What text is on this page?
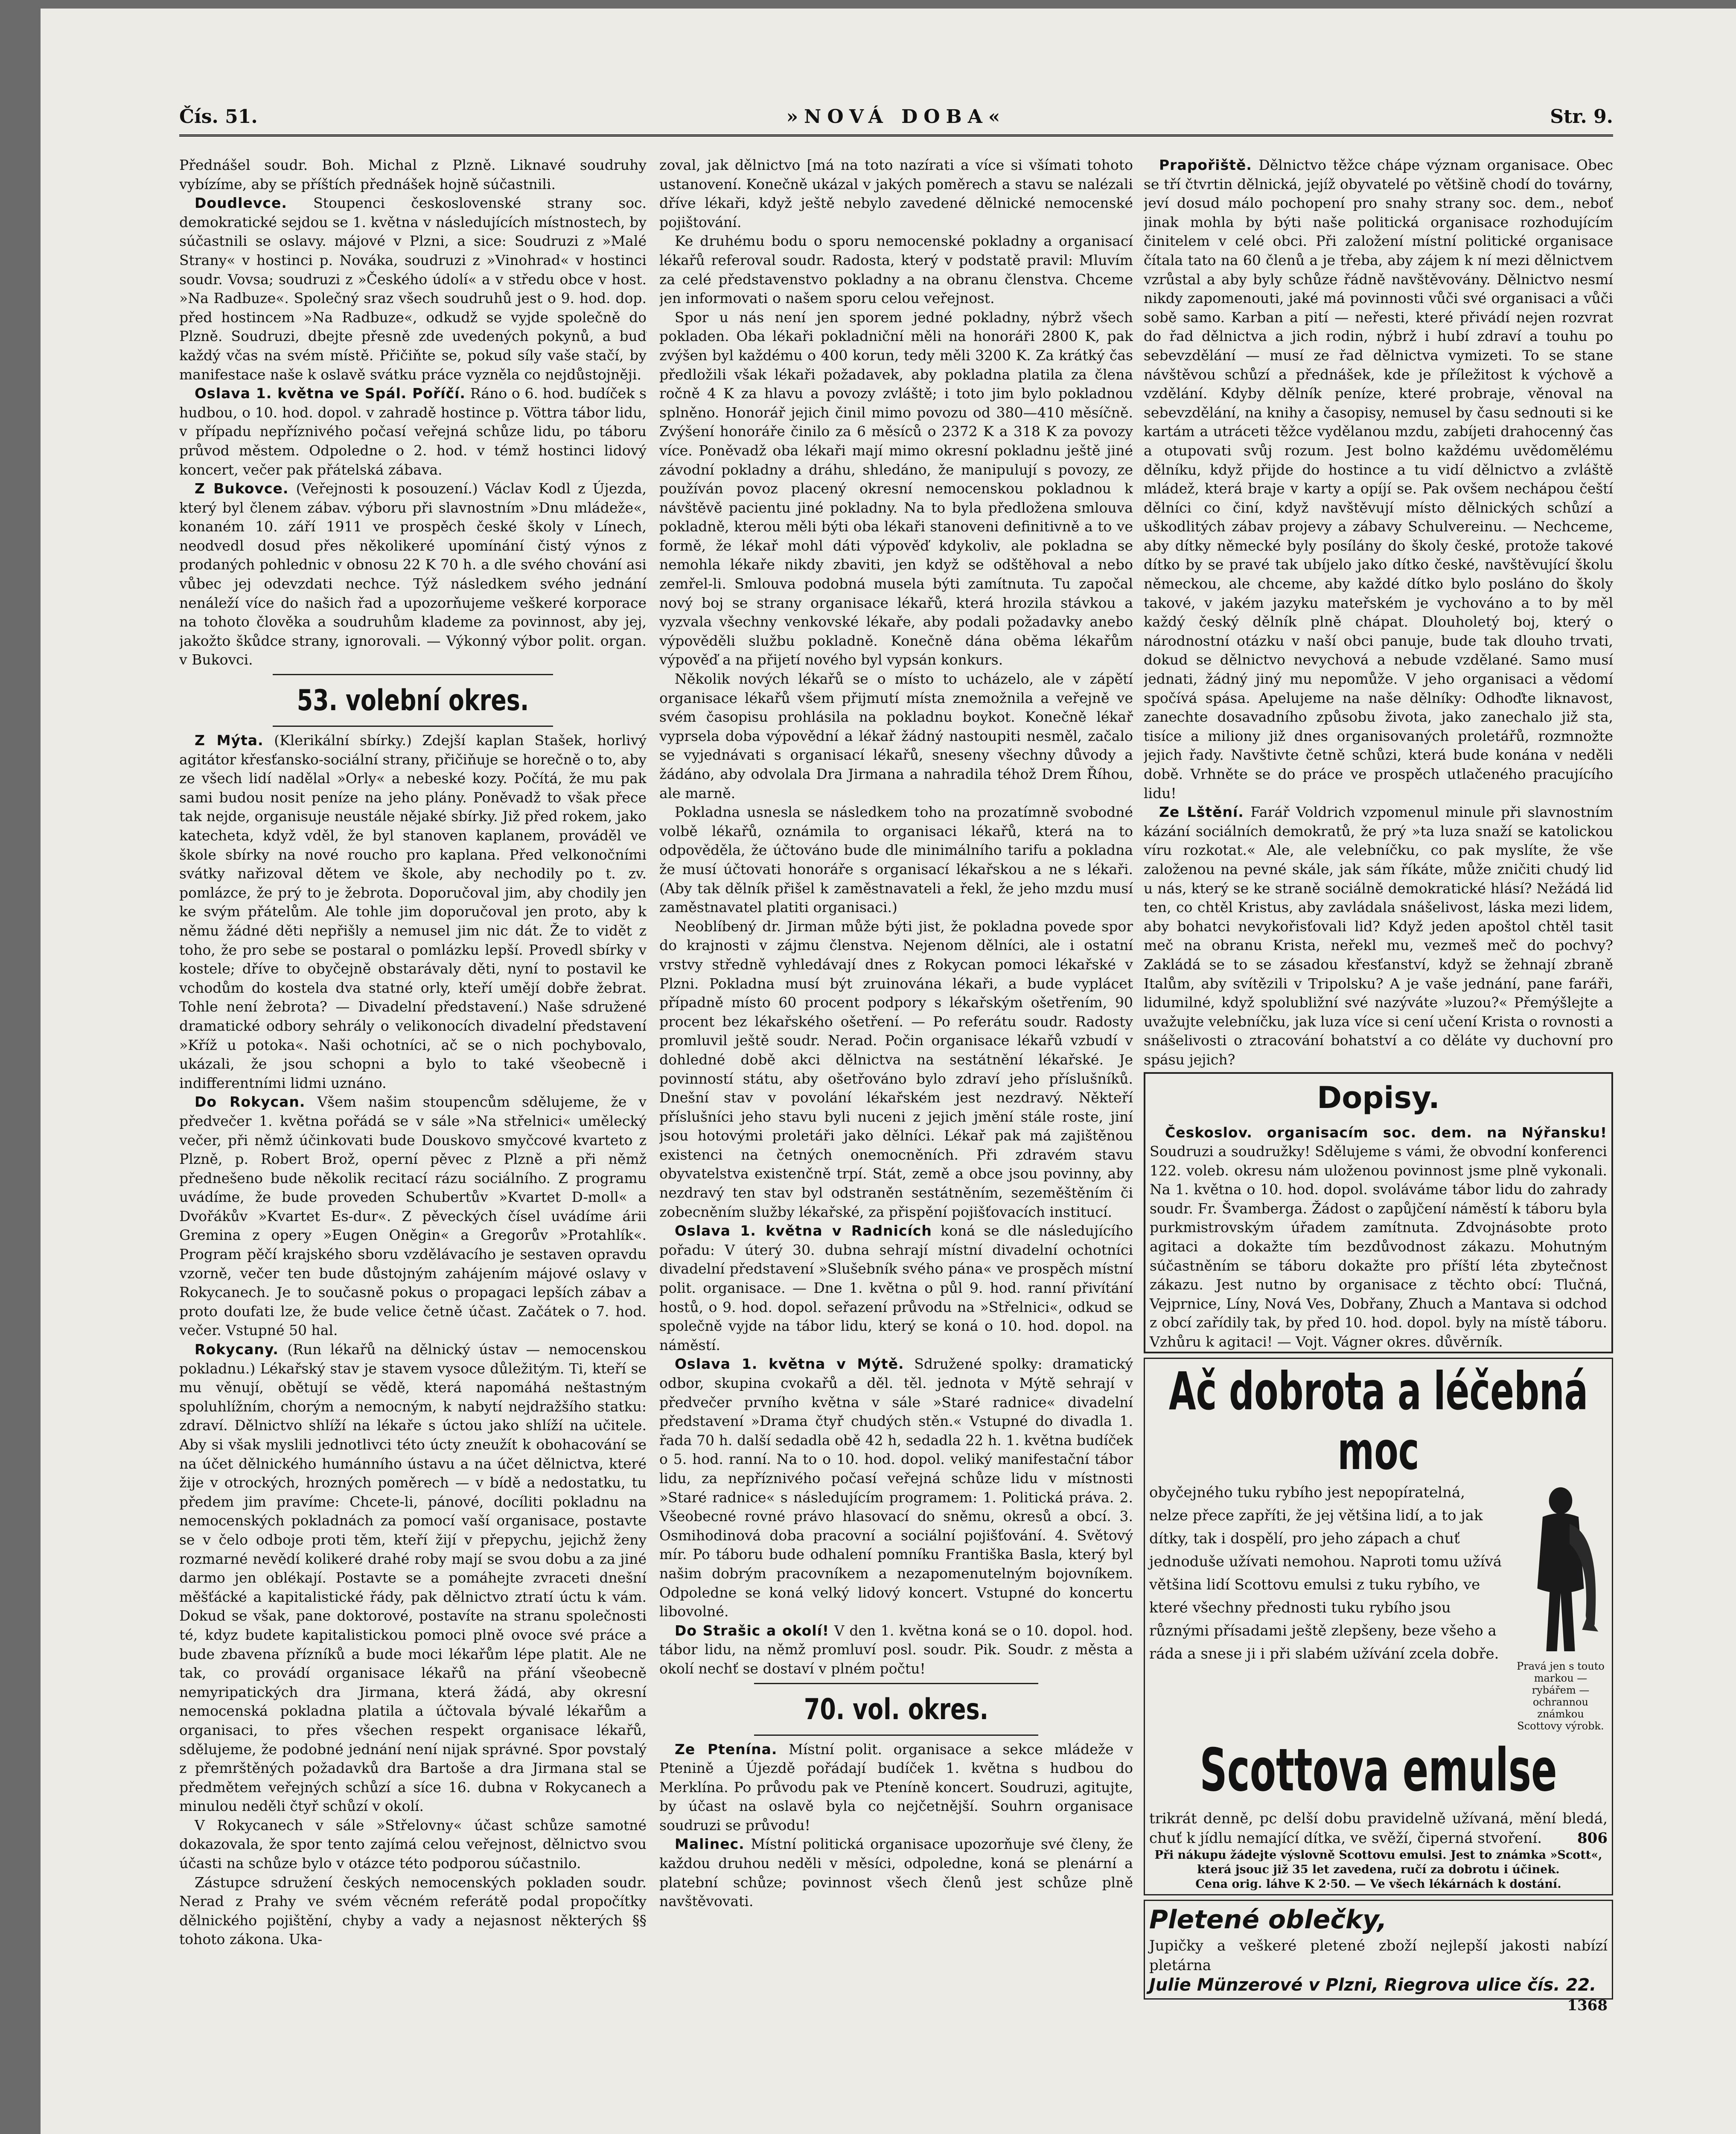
Čís. 51.	»NOVÁ DOBA«	Str. 9.

Přednášel soudr. Boh. Michal z Plzně. Liknavé soudruhy vybízíme, aby se příštích přednášek hojně súčastnili.

Doudlevce. Stoupenci československé strany soc. demokratické sejdou se 1. května v následujících místnostech, by súčastnili se oslavy. májové v Plzni, a sice: Soudruzi z »Malé Strany« v hostinci p. Nováka, soudruzi z »Vinohrad« v hostinci soudr. Vovsa; soudruzi z »Českého údolí« a v středu obce v host. »Na Radbuze«. Společný sraz všech soudruhů jest o 9. hod. dop. před hostincem »Na Radbuze«, odkudž se vyjde společně do Plzně. Soudruzi, dbejte přesně zde uvedených pokynů, a buď každý včas na svém místě. Přičiňte se, pokud síly vaše stačí, by manifestace naše k oslavě svátku práce vyzněla co nejdůstojněji.

Oslava 1. května ve Spál. Poříčí. Ráno o 6. hod. budíček s hudbou, o 10. hod. dopol. v zahradě hostince p. Vöttra tábor lidu, v případu nepříznivého počasí veřejná schůze lidu, po táboru průvod městem. Odpoledne o 2. hod. v témž hostinci lidový koncert, večer pak přátelská zábava.

Z Bukovce. (Veřejnosti k posouzení.) Václav Kodl z Újezda, který byl členem zábav. výboru při slavnostním »Dnu mládeže«, konaném 10. září 1911 ve prospěch české školy v Línech, neodvedl dosud přes několikeré upomínání čistý výnos z prodaných pohlednic v obnosu 22 K 70 h. a dle svého chování asi vůbec jej odevzdati nechce. Týž následkem svého jednání nenáleží více do našich řad a upozorňujeme veškeré korporace na tohoto člověka a soudruhům klademe za povinnost, aby jej, jakožto škůdce strany, ignorovali. — Výkonný výbor polit. organ. v Bukovci.

53. volební okres.

Z Mýta. (Klerikální sbírky.) Zdejší kaplan Stašek, horlivý agitátor křesťansko-sociální strany, přičiňuje se horečně o to, aby ze všech lidí nadělal »Orly« a nebeské kozy. Počítá, že mu pak sami budou nosit peníze na jeho plány. Poněvadž to však přece tak nejde, organisuje neustále nějaké sbírky. Již před rokem, jako katecheta, když vděl, že byl stanoven kaplanem, prováděl ve škole sbírky na nové roucho pro kaplana. Před velkonočními svátky nařizoval dětem ve škole, aby nechodily po t. zv. pomlázce, že prý to je žebrota. Doporučoval jim, aby chodily jen ke svým přátelům. Ale tohle jim doporučoval jen proto, aby k němu žádné děti nepřišly a nemusel jim nic dát. Že to vidět z toho, že pro sebe se postaral o pomlázku lepší. Provedl sbírky v kostele; dříve to obyčejně obstarávaly děti, nyní to postavil ke vchodům do kostela dva statné orly, kteří umějí dobře žebrat. Tohle není žebrota? — Divadelní představení.) Naše sdružené dramatické odbory sehrály o velikonocích divadelní představení »Kříž u potoka«. Naši ochotníci, ač se o nich pochybovalo, ukázali, že jsou schopni a bylo to také všeobecně i indifferentními lidmi uznáno.

Do Rokycan. Všem našim stoupencům sdělujeme, že v předvečer 1. května pořádá se v sále »Na střelnici« umělecký večer, při němž účinkovati bude Douskovo smyčcové kvarteto z Plzně, p. Robert Brož, operní pěvec z Plzně a při němž přednešeno bude několik recitací rázu sociálního. Z programu uvádíme, že bude proveden Schubertův »Kvartet D-moll« a Dvořákův »Kvartet Es-dur«. Z pěveckých čísel uvádíme árii Gremina z opery »Eugen Oněgin« a Gregorův »Protahlík«. Program pěčí krajského sboru vzdělávacího je sestaven opravdu vzorně, večer ten bude důstojným zahájením májové oslavy v Rokycanech. Je to současně pokus o propagaci lepších zábav a proto doufati lze, že bude velice četně účast. Začátek o 7. hod. večer. Vstupné 50 hal.

Rokycany. (Run lékařů na dělnický ústav — nemocenskou pokladnu.) Lékařský stav je stavem vysoce důležitým. Ti, kteří se mu věnují, obětují se vědě, která napomáhá neštastným spoluhlížním, chorým a nemocným, k nabytí nejdražšího statku: zdraví. Dělnictvo shlíží na lékaře s úctou jako shlíží na učitele. Aby si však myslili jednotlivci této úcty zneužít k obohacování se na účet dělnického humánního ústavu a na účet dělnictva, které žije v otrockých, hrozných poměrech — v bídě a nedostatku, tu předem jim pravíme: Chcete-li, pánové, docíliti pokladnu na nemocenských pokladnách za pomocí vaší organisace, postavte se v čelo odboje proti těm, kteří žijí v přepychu, jejichž ženy rozmarné nevědí kolikeré drahé roby mají se svou dobu a za jiné darmo jen oblékají. Postavte se a pomáhejte zvraceti dnešní měšťácké a kapitalistické řády, pak dělnictvo ztratí úctu k vám. Dokud se však, pane doktorové, postavíte na stranu společnosti té, kdyz budete kapitalistickou pomoci plně ovoce své práce a bude zbavena přízníků a bude moci lékařům lépe platit. Ale ne tak, co provádí organisace lékařů na přání všeobecně nemyripatických dra Jirmana, která žádá, aby okresní nemocenská pokladna platila a účtovala bývalé lékařům a organisaci, to přes všechen respekt organisace lékařů, sdělujeme, že podobné jednání není nijak správné. Spor povstalý z přemrštěných požadavků dra Bartoše a dra Jirmana stal se předmětem veřejných schůzí a síce 16. dubna v Rokycanech a minulou neděli čtyř schůzí v okolí.

V Rokycanech v sále »Střelovny« účast schůze samotné dokazovala, že spor tento zajímá celou veřejnost, dělnictvo svou účasti na schůze bylo v otázce této podporou súčastnilo.

Zástupce sdružení českých nemocenských pokladen soudr. Nerad z Prahy ve svém věcném referátě podal propočítky dělnického pojištění, chyby a vady a nejasnost některých §§ tohoto zákona. Uka-

zoval, jak dělnictvo [má na toto nazírati a více si všímati tohoto ustanovení. Konečně ukázal v jakých poměrech a stavu se nalézali dříve lékaři, když ještě nebylo zavedené dělnické nemocenské pojištování.

Ke druhému bodu o sporu nemocenské pokladny a organisací lékařů referoval soudr. Radosta, který v podstatě pravil: Mluvím za celé představenstvo pokladny a na obranu členstva. Chceme jen informovati o našem sporu celou veřejnost.

Spor u nás není jen sporem jedné pokladny, nýbrž všech pokladen. Oba lékaři pokladniční měli na honoráři 2800 K, pak zvýšen byl každému o 400 korun, tedy měli 3200 K. Za krátký čas předložili však lékaři požadavek, aby pokladna platila za člena ročně 4 K za hlavu a povozy zvláště; i toto jim bylo pokladnou splněno. Honorář jejich činil mimo povozu od 380—410 měsíčně. Zvýšení honoráře činilo za 6 měsíců o 2372 K a 318 K za povozy více. Poněvadž oba lékaři mají mimo okresní pokladnu ještě jiné závodní pokladny a dráhu, shledáno, že manipulují s povozy, ze používán povoz placený okresní nemocenskou pokladnou k návštěvě pacientu jiné pokladny. Na to byla předložena smlouva pokladně, kterou měli býti oba lékaři stanoveni definitivně a to ve formě, že lékař mohl dáti výpověď kdykoliv, ale pokladna se nemohla lékaře nikdy zbaviti, jen když se odštěhoval a nebo zemřel-li. Smlouva podobná musela býti zamítnuta. Tu započal nový boj se strany organisace lékařů, která hrozila stávkou a vyzvala všechny venkovské lékaře, aby podali požadavky anebo výpověděli službu pokladně. Konečně dána oběma lékařům výpověď a na přijetí nového byl vypsán konkurs.

Několik nových lékařů se o místo to ucházelo, ale v zápětí organisace lékařů všem přijmutí místa znemožnila a veřejně ve svém časopisu prohlásila na pokladnu boykot. Konečně lékař vyprsela doba výpovědní a lékař žádný nastoupiti nesměl, začalo se vyjednávati s organisací lékařů, sneseny všechny důvody a žádáno, aby odvolala Dra Jirmana a nahradila téhož Drem Říhou, ale marně.

Pokladna usnesla se následkem toho na prozatímně svobodné volbě lékařů, oznámila to organisaci lékařů, která na to odpověděla, že účtováno bude dle minimálního tarifu a pokladna že musí účtovati honoráře s organisací lékařskou a ne s lékaři. (Aby tak dělník přišel k zaměstnavateli a řekl, že jeho mzdu musí zaměstnavatel platiti organisaci.)

Neoblíbený dr. Jirman může býti jist, že pokladna povede spor do krajnosti v zájmu členstva. Nejenom dělníci, ale i ostatní vrstvy středně vyhledávají dnes z Rokycan pomoci lékařské v Plzni. Pokladna musí být zruinována lékaři, a bude vyplácet případně místo 60 procent podpory s lékařským ošetřením, 90 procent bez lékařského ošetření. — Po referátu soudr. Radosty promluvil ještě soudr. Nerad. Počin organisace lékařů vzbudí v dohledné době akci dělnictva na sestátnění lékařské. Je povinností státu, aby ošetřováno bylo zdraví jeho příslušníků. Dnešní stav v povolání lékařském jest nezdravý. Někteří příslušníci jeho stavu byli nuceni z jejich jmění stále roste, jiní jsou hotovými proletáři jako dělníci. Lékař pak má zajištěnou existenci na četných onemocněních. Při zdravém stavu obyvatelstva existenčně trpí. Stát, země a obce jsou povinny, aby nezdravý ten stav byl odstraněn sestátněním, sezeměštěním či zobecněním služby lékařské, za přispění pojišťovacích institucí.

Oslava 1. května v Radnicích koná se dle následujícího pořadu: V úterý 30. dubna sehrají místní divadelní ochotníci divadelní představení »Slušebník svého pána« ve prospěch místní polit. organisace. — Dne 1. května o půl 9. hod. ranní přivítání hostů, o 9. hod. dopol. seřazení průvodu na »Střelnici«, odkud se společně vyjde na tábor lidu, který se koná o 10. hod. dopol. na náměstí.

Oslava 1. května v Mýtě. Sdružené spolky: dramatický odbor, skupina cvokařů a děl. těl. jednota v Mýtě sehrají v předvečer prvního května v sále »Staré radnice« divadelní představení »Drama čtyř chudých stěn.« Vstupné do divadla 1. řada 70 h. další sedadla obě 42 h, sedadla 22 h. 1. května budíček o 5. hod. ranní. Na to o 10. hod. dopol. veliký manifestační tábor lidu, za nepříznivého počasí veřejná schůze lidu v místnosti »Staré radnice« s následujícím programem: 1. Politická práva. 2. Všeobecné rovné právo hlasovací do sněmu, okresů a obcí. 3. Osmihodinová doba pracovní a sociální pojišťování. 4. Světový mír. Po táboru bude odhalení pomníku Františka Basla, který byl našim dobrým pracovníkem a nezapomenutelným bojovníkem. Odpoledne se koná velký lidový koncert. Vstupné do koncertu libovolné.

Do Strašic a okolí! V den 1. května koná se o 10. dopol. hod. tábor lidu, na němž promluví posl. soudr. Pik. Soudr. z města a okolí nechť se dostaví v plném počtu!

70. vol. okres.

Ze Ptenína. Místní polit. organisace a sekce mládeže v Ptenině a Újezdě pořádají budíček 1. května s hudbou do Merklína. Po průvodu pak ve Pteníně koncert. Soudruzi, agitujte, by účast na oslavě byla co nejčetnější. Souhrn organisace soudruzi se průvodu!

Malinec. Místní politická organisace upozorňuje své členy, že každou druhou neděli v měsíci, odpoledne, koná se plenární a platební schůze; povinnost všech členů jest schůze plně navštěvovati.

Prapořiště. Dělnictvo těžce chápe význam organisace. Obec se tří čtvrtin dělnická, jejíž obyvatelé po většině chodí do továrny, jeví dosud málo pochopení pro snahy strany soc. dem., neboť jinak mohla by býti naše politická organisace rozhodujícím činitelem v celé obci. Při založení místní politické organisace čítala tato na 60 členů a je třeba, aby zájem k ní mezi dělnictvem vzrůstal a aby byly schůze řádně navštěvovány. Dělnictvo nesmí nikdy zapomenouti, jaké má povinnosti vůči své organisaci a vůči sobě samo. Karban a pití — neřesti, které přivádí nejen rozvrat do řad dělnictva a jich rodin, nýbrž i hubí zdraví a touhu po sebevzdělání — musí ze řad dělnictva vymizeti. To se stane návštěvou schůzí a přednášek, kde je příležitost k výchově a vzdělání. Kdyby dělník peníze, které probraje, věnoval na sebevzdělání, na knihy a časopisy, nemusel by času sednouti si ke kartám a utráceti těžce vydělanou mzdu, zabíjeti drahocenný čas a otupovati svůj rozum. Jest bolno každému uvědomělému dělníku, když přijde do hostince a tu vidí dělnictvo a zvláště mládež, která braje v karty a opíjí se. Pak ovšem nechápou čeští dělníci co činí, když navštěvují místo dělnických schůzí a uškodlitých zábav projevy a zábavy Schulvereinu. — Nechceme, aby dítky německé byly posílány do školy české, protože takové dítko by se pravé tak ubíjelo jako dítko české, navštěvující školu německou, ale chceme, aby každé dítko bylo posláno do školy takové, v jakém jazyku mateřském je vychováno a to by měl každý český dělník plně chápat. Dlouholetý boj, který o národnostní otázku v naší obci panuje, bude tak dlouho trvati, dokud se dělnictvo nevychová a nebude vzdělané. Samo musí jednati, žádný jiný mu nepomůže. V jeho organisaci a vědomí spočívá spása. Apelujeme na naše dělníky: Odhoďte liknavost, zanechte dosavadního způsobu života, jako zanechalo již sta, tisíce a miliony již dnes organisovaných proletářů, rozmnožte jejich řady. Navštivte četně schůzi, která bude konána v neděli době. Vrhněte se do práce ve prospěch utlačeného pracujícího lidu!

Ze Lštění. Farář Voldrich vzpomenul minule při slavnostním kázání sociálních demokratů, že prý »ta luza snaží se katolickou víru rozkotat.« Ale, ale velebníčku, co pak myslíte, že vše založenou na pevné skále, jak sám říkáte, může zničiti chudý lid u nás, který se ke straně sociálně demokratické hlásí? Nežádá lid ten, co chtěl Kristus, aby zavládala snášelivost, láska mezi lidem, aby bohatci nevykořisťovali lid? Když jeden apoštol chtěl tasit meč na obranu Krista, neřekl mu, vezmeš meč do pochvy? Zakládá se to se zásadou křesťanství, když se žehnají zbraně Italům, aby svítězili v Tripolsku? A je vaše jednání, pane faráři, lidumilné, když spolubližní své nazýváte »luzou?« Přemýšlejte a uvažujte velebníčku, jak luza více si cení učení Krista o rovnosti a snášelivosti o ztracování bohatství a co děláte vy duchovní pro spásu jejich?

Dopisy.

Českoslov. organisacím soc. dem. na Nýřansku! Soudruzi a soudružky! Sdělujeme s vámi, že obvodní konferenci 122. voleb. okresu nám uloženou povinnost jsme plně vykonali. Na 1. května o 10. hod. dopol. svoláváme tábor lidu do zahrady soudr. Fr. Švamberga. Žádost o zapůjčení náměstí k táboru byla purkmistrovským úřadem zamítnuta. Zdvojnásobte proto agitaci a dokažte tím bezdůvodnost zákazu. Mohutným súčastněním se táboru dokažte pro příští léta zbytečnost zákazu. Jest nutno by organisace z těchto obcí: Tlučná, Vejprnice, Líny, Nová Ves, Dobřany, Zhuch a Mantava si odchod z obcí zařídily tak, by před 10. hod. dopol. byly na místě táboru. Vzhůru k agitaci! — Vojt. Vágner okres. důvěrník.

Ač dobrota a léčebná moc
obyčejného tuku rybího jest nepopíratelná, nelze přece zapříti, že jej většina lidí, a to jak dítky, tak i dospělí, pro jeho zápach a chuť jednoduše užívati nemohou. Naproti tomu užívá většina lidí Scottovu emulsi z tuku rybího, ve které všechny přednosti tuku rybího jsou různými přísadami ještě zlepšeny, beze všeho a ráda a snese ji i při slabém užívání zcela dobře.
Pravá jen s touto markou — rybářem — ochrannou známkou Scottovy výrobk.
Scottova emulse
trikrát denně, pc delší dobu pravidelně užívaná, mění bledá, chuť k jídlu nemající dítka, ve svěží, čiperná stvoření. 806
Při nákupu žádejte výslovně Scottovu emulsi. Jest to známka »Scott«, která jsouc již 35 let zavedena, ručí za dobrotu i účinek.
Cena orig. láhve K 2·50. — Ve všech lékárnách k dostání.
Pletené oblečky,
Jupičky a veškeré pletené zboží nejlepší jakosti nabízí pletárna
Julie Münzerové v Plzni, Riegrova ulice čís. 22.
1368
